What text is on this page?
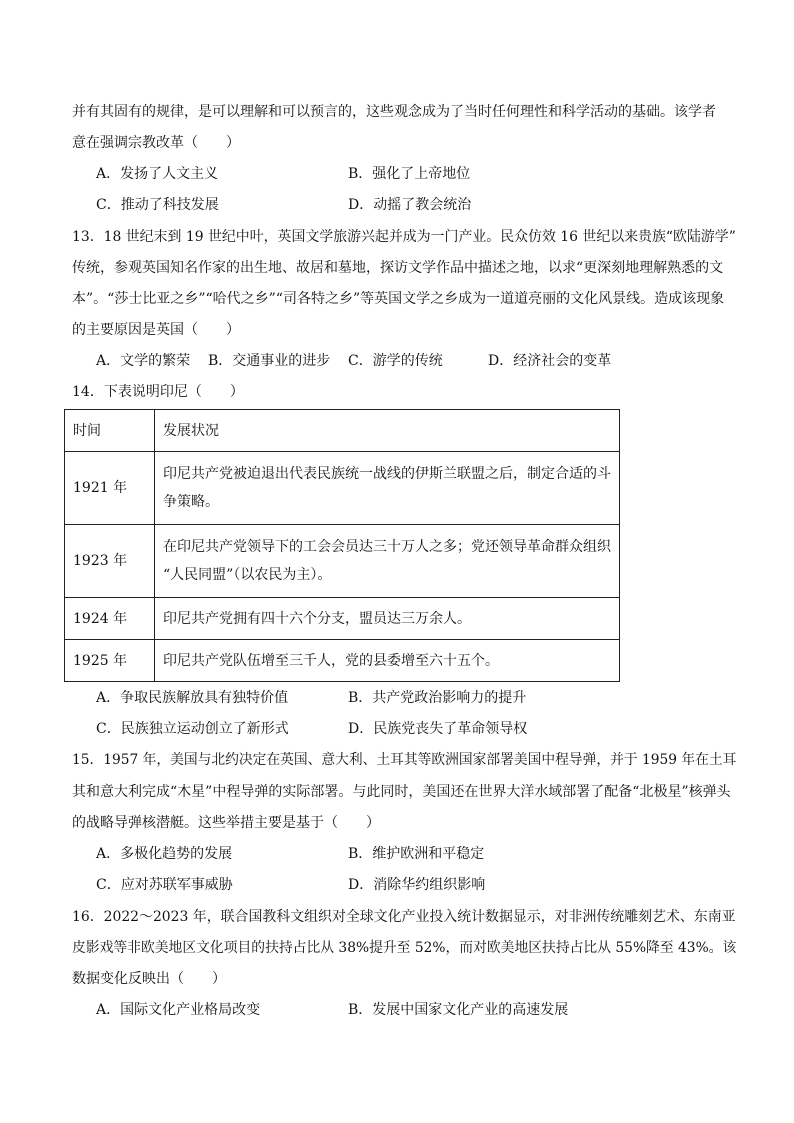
并有其固有的规律，是可以理解和可以预言的，这些观念成为了当时任何理性和科学活动的基础。该学者
意在强调宗教改革（　　）
A．发扬了人文主义	B．强化了上帝地位
C．推动了科技发展	D．动摇了教会统治
13．18 世纪末到 19 世纪中叶，英国文学旅游兴起并成为一门产业。民众仿效 16 世纪以来贵族“欧陆游学”
传统，参观英国知名作家的出生地、故居和墓地，探访文学作品中描述之地，以求“更深刻地理解熟悉的文
本”。“莎士比亚之乡”“哈代之乡”“司各特之乡”等英国文学之乡成为一道道亮丽的文化风景线。造成该现象
的主要原因是英国（　　）
A．文学的繁荣 B．交通事业的进步 C．游学的传统	D．经济社会的变革
14．下表说明印尼（　　）
时间	发展状况
1921 年	印尼共产党被迫退出代表民族统一战线的伊斯兰联盟之后，制定合适的斗
争策略。

1923 年	在印尼共产党领导下的工会会员达三十万人之多；党还领导革命群众组织
“人民同盟”（以农民为主）。

1924 年	印尼共产党拥有四十六个分支，盟员达三万余人。

1925 年	印尼共产党队伍增至三千人，党的县委增至六十五个。
A．争取民族解放具有独特价值	B．共产党政治影响力的提升
C．民族独立运动创立了新形式	D．民族党丧失了革命领导权
15．1957 年，美国与北约决定在英国、意大利、土耳其等欧洲国家部署美国中程导弹，并于 1959 年在土耳
其和意大利完成“木星”中程导弹的实际部署。与此同时，美国还在世界大洋水域部署了配备“北极星”核弹头
的战略导弹核潜艇。这些举措主要是基于（　　）
A．多极化趋势的发展	B．维护欧洲和平稳定
C．应对苏联军事威胁	D．消除华约组织影响
16．2022～2023 年，联合国教科文组织对全球文化产业投入统计数据显示，对非洲传统雕刻艺术、东南亚
皮影戏等非欧美地区文化项目的扶持占比从 38%提升至 52%，而对欧美地区扶持占比从 55%降至 43%。该
数据变化反映出（　　）
A．国际文化产业格局改变	B．发展中国家文化产业的高速发展
